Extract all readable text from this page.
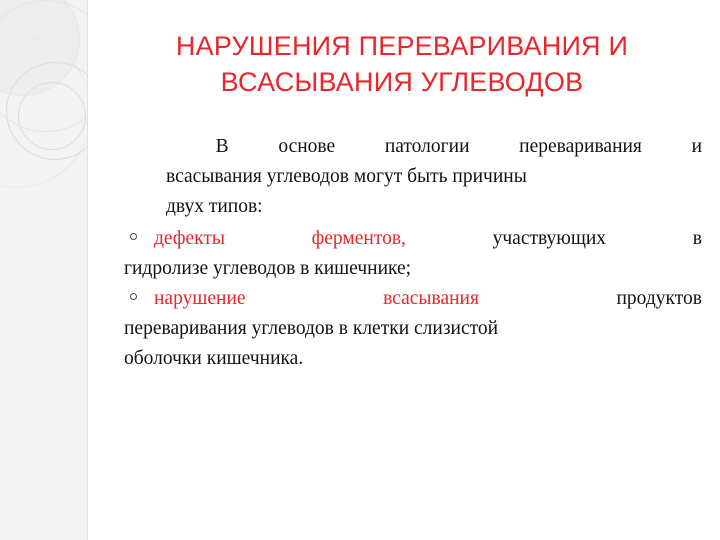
НАРУШЕНИЯ ПЕРЕВАРИВАНИЯ И
ВСАСЫВАНИЯ УГЛЕВОДОВ
В	основе	патологии	переваривания	и
всасывания углеводов могут быть причины
двух типов:
дефекты	ферментов,	участвующих	в
гидролизе углеводов в кишечнике;
нарушение	всасывания	продуктов
переваривания углеводов в клетки слизистой
оболочки кишечника.
